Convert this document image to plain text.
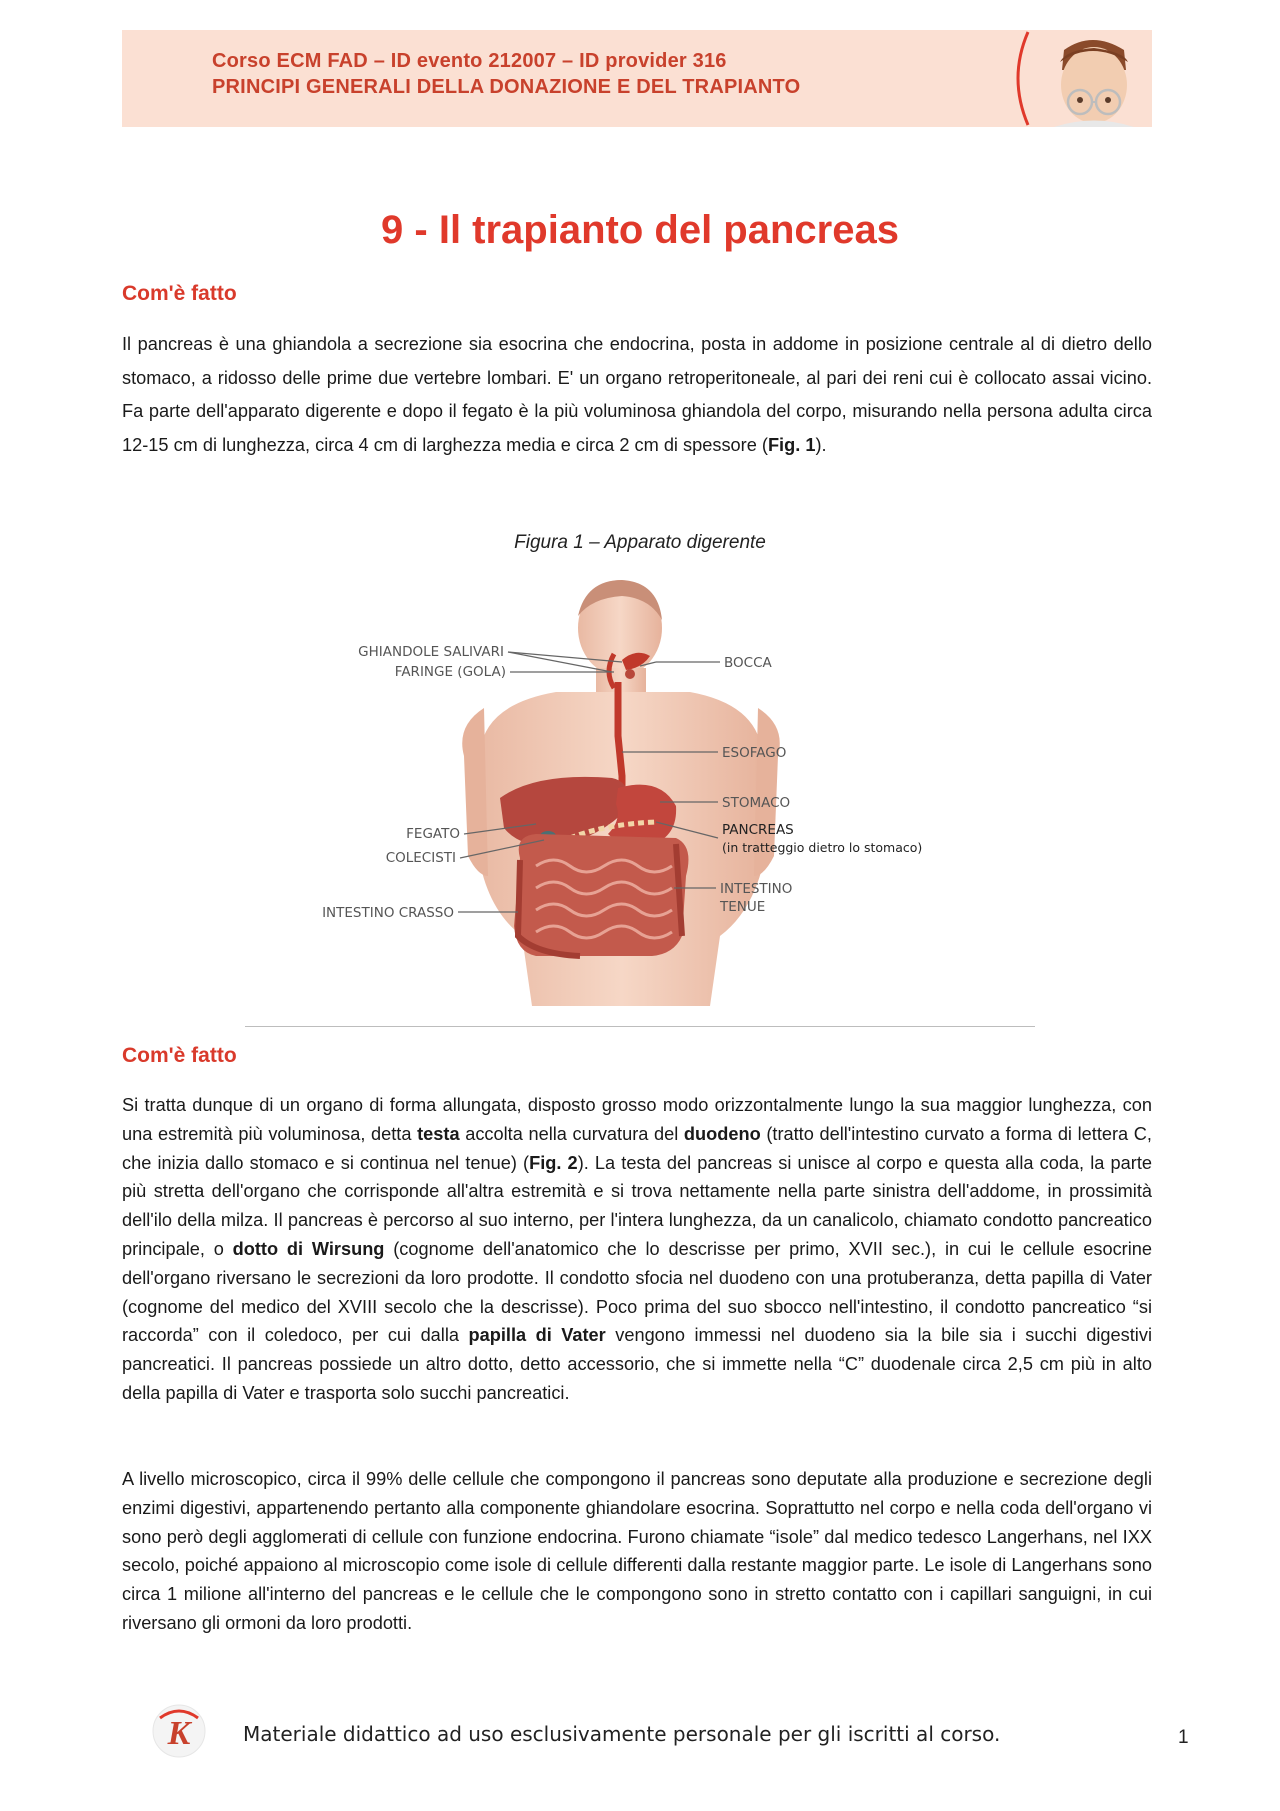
Corso ECM FAD – ID evento 212007 – ID provider 316
PRINCIPI GENERALI DELLA DONAZIONE E DEL TRAPIANTO
9 - Il trapianto del pancreas
Com'è fatto
Il pancreas è una ghiandola a secrezione sia esocrina che endocrina, posta in addome in posizione centrale al di dietro dello stomaco, a ridosso delle prime due vertebre lombari. E' un organo retroperitoneale, al pari dei reni cui è collocato assai vicino. Fa parte dell'apparato digerente e dopo il fegato è la più voluminosa ghiandola del corpo, misurando nella persona adulta circa 12-15 cm di lunghezza, circa 4 cm di larghezza media e circa 2 cm di spessore (Fig. 1).
Figura 1 – Apparato digerente
GHIANDOLE SALIVARI
FARINGE (GOLA)
BOCCA
ESOFAGO
STOMACO
PANCREAS
(in tratteggio dietro lo stomaco)
FEGATO
COLECISTI
INTESTINO CRASSO
INTESTINO
TENUE
Com'è fatto
Si tratta dunque di un organo di forma allungata, disposto grosso modo orizzontalmente lungo la sua maggior lunghezza, con una estremità più voluminosa, detta testa accolta nella curvatura del duodeno (tratto dell'intestino curvato a forma di lettera C, che inizia dallo stomaco e si continua nel tenue) (Fig. 2). La testa del pancreas si unisce al corpo e questa alla coda, la parte più stretta dell'organo che corrisponde all'altra estremità e si trova nettamente nella parte sinistra dell'addome, in prossimità dell'ilo della milza. Il pancreas è percorso al suo interno, per l'intera lunghezza, da un canalicolo, chiamato condotto pancreatico principale, o dotto di Wirsung (cognome dell'anatomico che lo descrisse per primo, XVII sec.), in cui le cellule esocrine dell'organo riversano le secrezioni da loro prodotte. Il condotto sfocia nel duodeno con una protuberanza, detta papilla di Vater (cognome del medico del XVIII secolo che la descrisse). Poco prima del suo sbocco nell'intestino, il condotto pancreatico “si raccorda” con il coledoco, per cui dalla papilla di Vater vengono immessi nel duodeno sia la bile sia i succhi digestivi pancreatici. Il pancreas possiede un altro dotto, detto accessorio, che si immette nella “C” duodenale circa 2,5 cm più in alto della papilla di Vater e trasporta solo succhi pancreatici.
A livello microscopico, circa il 99% delle cellule che compongono il pancreas sono deputate alla produzione e secrezione degli enzimi digestivi, appartenendo pertanto alla componente ghiandolare esocrina. Soprattutto nel corpo e nella coda dell'organo vi sono però degli agglomerati di cellule con funzione endocrina. Furono chiamate “isole” dal medico tedesco Langerhans, nel IXX secolo, poiché appaiono al microscopio come isole di cellule differenti dalla restante maggior parte. Le isole di Langerhans sono circa 1 milione all'interno del pancreas e le cellule che le compongono sono in stretto contatto con i capillari sanguigni, in cui riversano gli ormoni da loro prodotti.
K	Materiale didattico ad uso esclusivamente personale per gli iscritti al corso.	1
